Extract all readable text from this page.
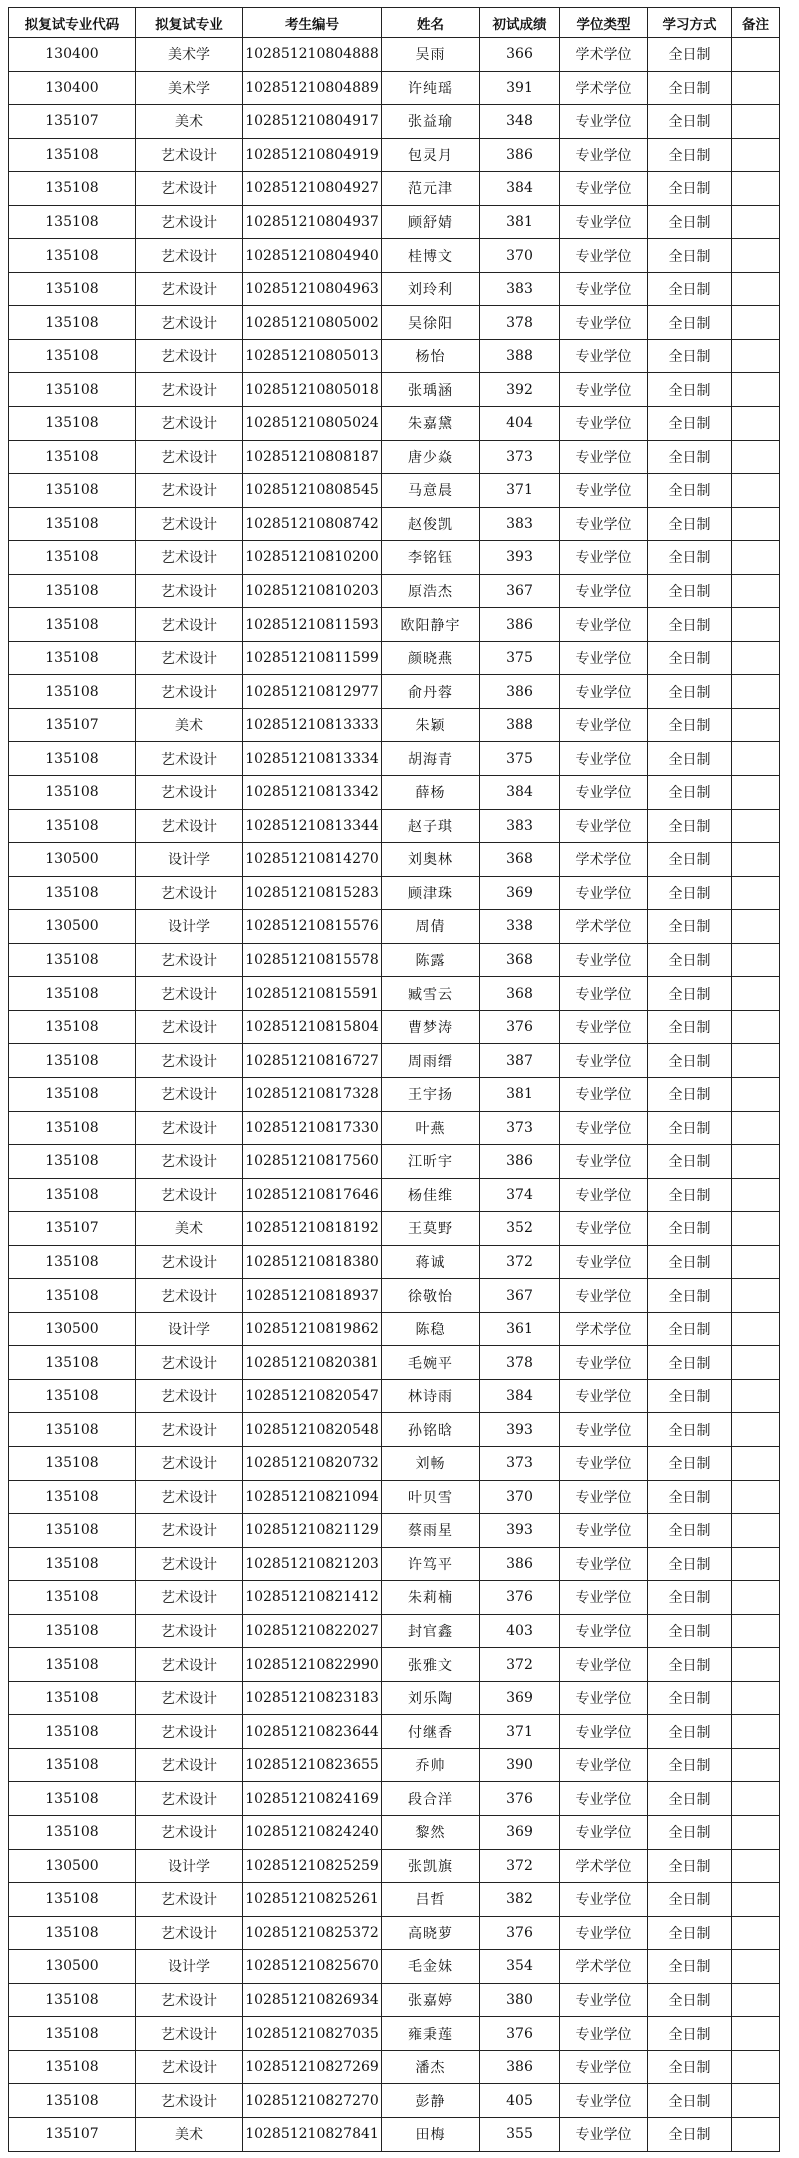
拟复试专业代码	拟复试专业	考生编号	姓名	初试成绩	学位类型	学习方式	备注
130400	美术学	102851210804888	吴雨	366	学术学位	全日制	
130400	美术学	102851210804889	许纯瑶	391	学术学位	全日制	
135107	美术	102851210804917	张益瑜	348	专业学位	全日制	
135108	艺术设计	102851210804919	包灵月	386	专业学位	全日制	
135108	艺术设计	102851210804927	范元津	384	专业学位	全日制	
135108	艺术设计	102851210804937	顾舒婧	381	专业学位	全日制	
135108	艺术设计	102851210804940	桂博文	370	专业学位	全日制	
135108	艺术设计	102851210804963	刘玲利	383	专业学位	全日制	
135108	艺术设计	102851210805002	吴徐阳	378	专业学位	全日制	
135108	艺术设计	102851210805013	杨怡	388	专业学位	全日制	
135108	艺术设计	102851210805018	张瑀涵	392	专业学位	全日制	
135108	艺术设计	102851210805024	朱嘉黛	404	专业学位	全日制	
135108	艺术设计	102851210808187	唐少焱	373	专业学位	全日制	
135108	艺术设计	102851210808545	马意晨	371	专业学位	全日制	
135108	艺术设计	102851210808742	赵俊凯	383	专业学位	全日制	
135108	艺术设计	102851210810200	李铭钰	393	专业学位	全日制	
135108	艺术设计	102851210810203	原浩杰	367	专业学位	全日制	
135108	艺术设计	102851210811593	欧阳静宇	386	专业学位	全日制	
135108	艺术设计	102851210811599	颜晓燕	375	专业学位	全日制	
135108	艺术设计	102851210812977	俞丹蓉	386	专业学位	全日制	
135107	美术	102851210813333	朱颖	388	专业学位	全日制	
135108	艺术设计	102851210813334	胡海青	375	专业学位	全日制	
135108	艺术设计	102851210813342	薛杨	384	专业学位	全日制	
135108	艺术设计	102851210813344	赵子琪	383	专业学位	全日制	
130500	设计学	102851210814270	刘奥林	368	学术学位	全日制	
135108	艺术设计	102851210815283	顾津珠	369	专业学位	全日制	
130500	设计学	102851210815576	周倩	338	学术学位	全日制	
135108	艺术设计	102851210815578	陈露	368	专业学位	全日制	
135108	艺术设计	102851210815591	臧雪云	368	专业学位	全日制	
135108	艺术设计	102851210815804	曹梦涛	376	专业学位	全日制	
135108	艺术设计	102851210816727	周雨缙	387	专业学位	全日制	
135108	艺术设计	102851210817328	王宇扬	381	专业学位	全日制	
135108	艺术设计	102851210817330	叶燕	373	专业学位	全日制	
135108	艺术设计	102851210817560	江昕宇	386	专业学位	全日制	
135108	艺术设计	102851210817646	杨佳维	374	专业学位	全日制	
135107	美术	102851210818192	王莫野	352	专业学位	全日制	
135108	艺术设计	102851210818380	蒋诚	372	专业学位	全日制	
135108	艺术设计	102851210818937	徐敬怡	367	专业学位	全日制	
130500	设计学	102851210819862	陈稳	361	学术学位	全日制	
135108	艺术设计	102851210820381	毛婉平	378	专业学位	全日制	
135108	艺术设计	102851210820547	林诗雨	384	专业学位	全日制	
135108	艺术设计	102851210820548	孙铭晗	393	专业学位	全日制	
135108	艺术设计	102851210820732	刘畅	373	专业学位	全日制	
135108	艺术设计	102851210821094	叶贝雪	370	专业学位	全日制	
135108	艺术设计	102851210821129	蔡雨星	393	专业学位	全日制	
135108	艺术设计	102851210821203	许笃平	386	专业学位	全日制	
135108	艺术设计	102851210821412	朱莉楠	376	专业学位	全日制	
135108	艺术设计	102851210822027	封官鑫	403	专业学位	全日制	
135108	艺术设计	102851210822990	张雅文	372	专业学位	全日制	
135108	艺术设计	102851210823183	刘乐陶	369	专业学位	全日制	
135108	艺术设计	102851210823644	付继香	371	专业学位	全日制	
135108	艺术设计	102851210823655	乔帅	390	专业学位	全日制	
135108	艺术设计	102851210824169	段合洋	376	专业学位	全日制	
135108	艺术设计	102851210824240	黎然	369	专业学位	全日制	
130500	设计学	102851210825259	张凯旗	372	学术学位	全日制	
135108	艺术设计	102851210825261	吕哲	382	专业学位	全日制	
135108	艺术设计	102851210825372	高晓萝	376	专业学位	全日制	
130500	设计学	102851210825670	毛金妹	354	学术学位	全日制	
135108	艺术设计	102851210826934	张嘉婷	380	专业学位	全日制	
135108	艺术设计	102851210827035	雍秉莲	376	专业学位	全日制	
135108	艺术设计	102851210827269	潘杰	386	专业学位	全日制	
135108	艺术设计	102851210827270	彭静	405	专业学位	全日制	
135107	美术	102851210827841	田梅	355	专业学位	全日制	
